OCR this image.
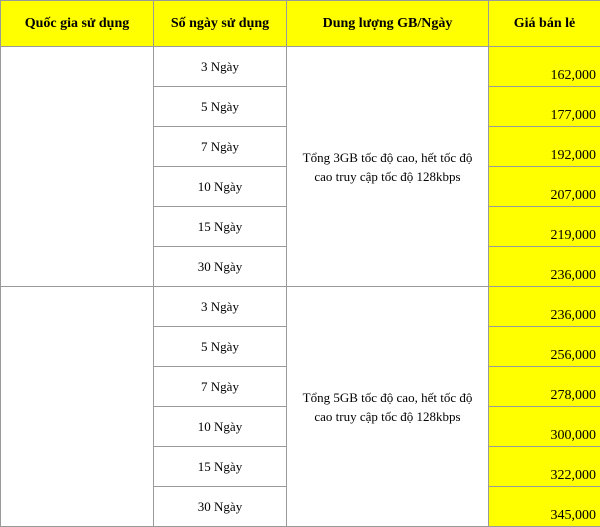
Quốc gia sử dụng	Số ngày sử dụng	Dung lượng GB/Ngày	Giá bán lẻ
	3 Ngày	Tổng 3GB tốc độ cao, hết tốc độ cao truy cập tốc độ 128kbps	162,000
	5 Ngày		177,000
	7 Ngày		192,000
	10 Ngày		207,000
	15 Ngày		219,000
	30 Ngày		236,000
	3 Ngày	Tổng 5GB tốc độ cao, hết tốc độ cao truy cập tốc độ 128kbps	236,000
	5 Ngày		256,000
	7 Ngày		278,000
	10 Ngày		300,000
	15 Ngày		322,000
	30 Ngày		345,000
